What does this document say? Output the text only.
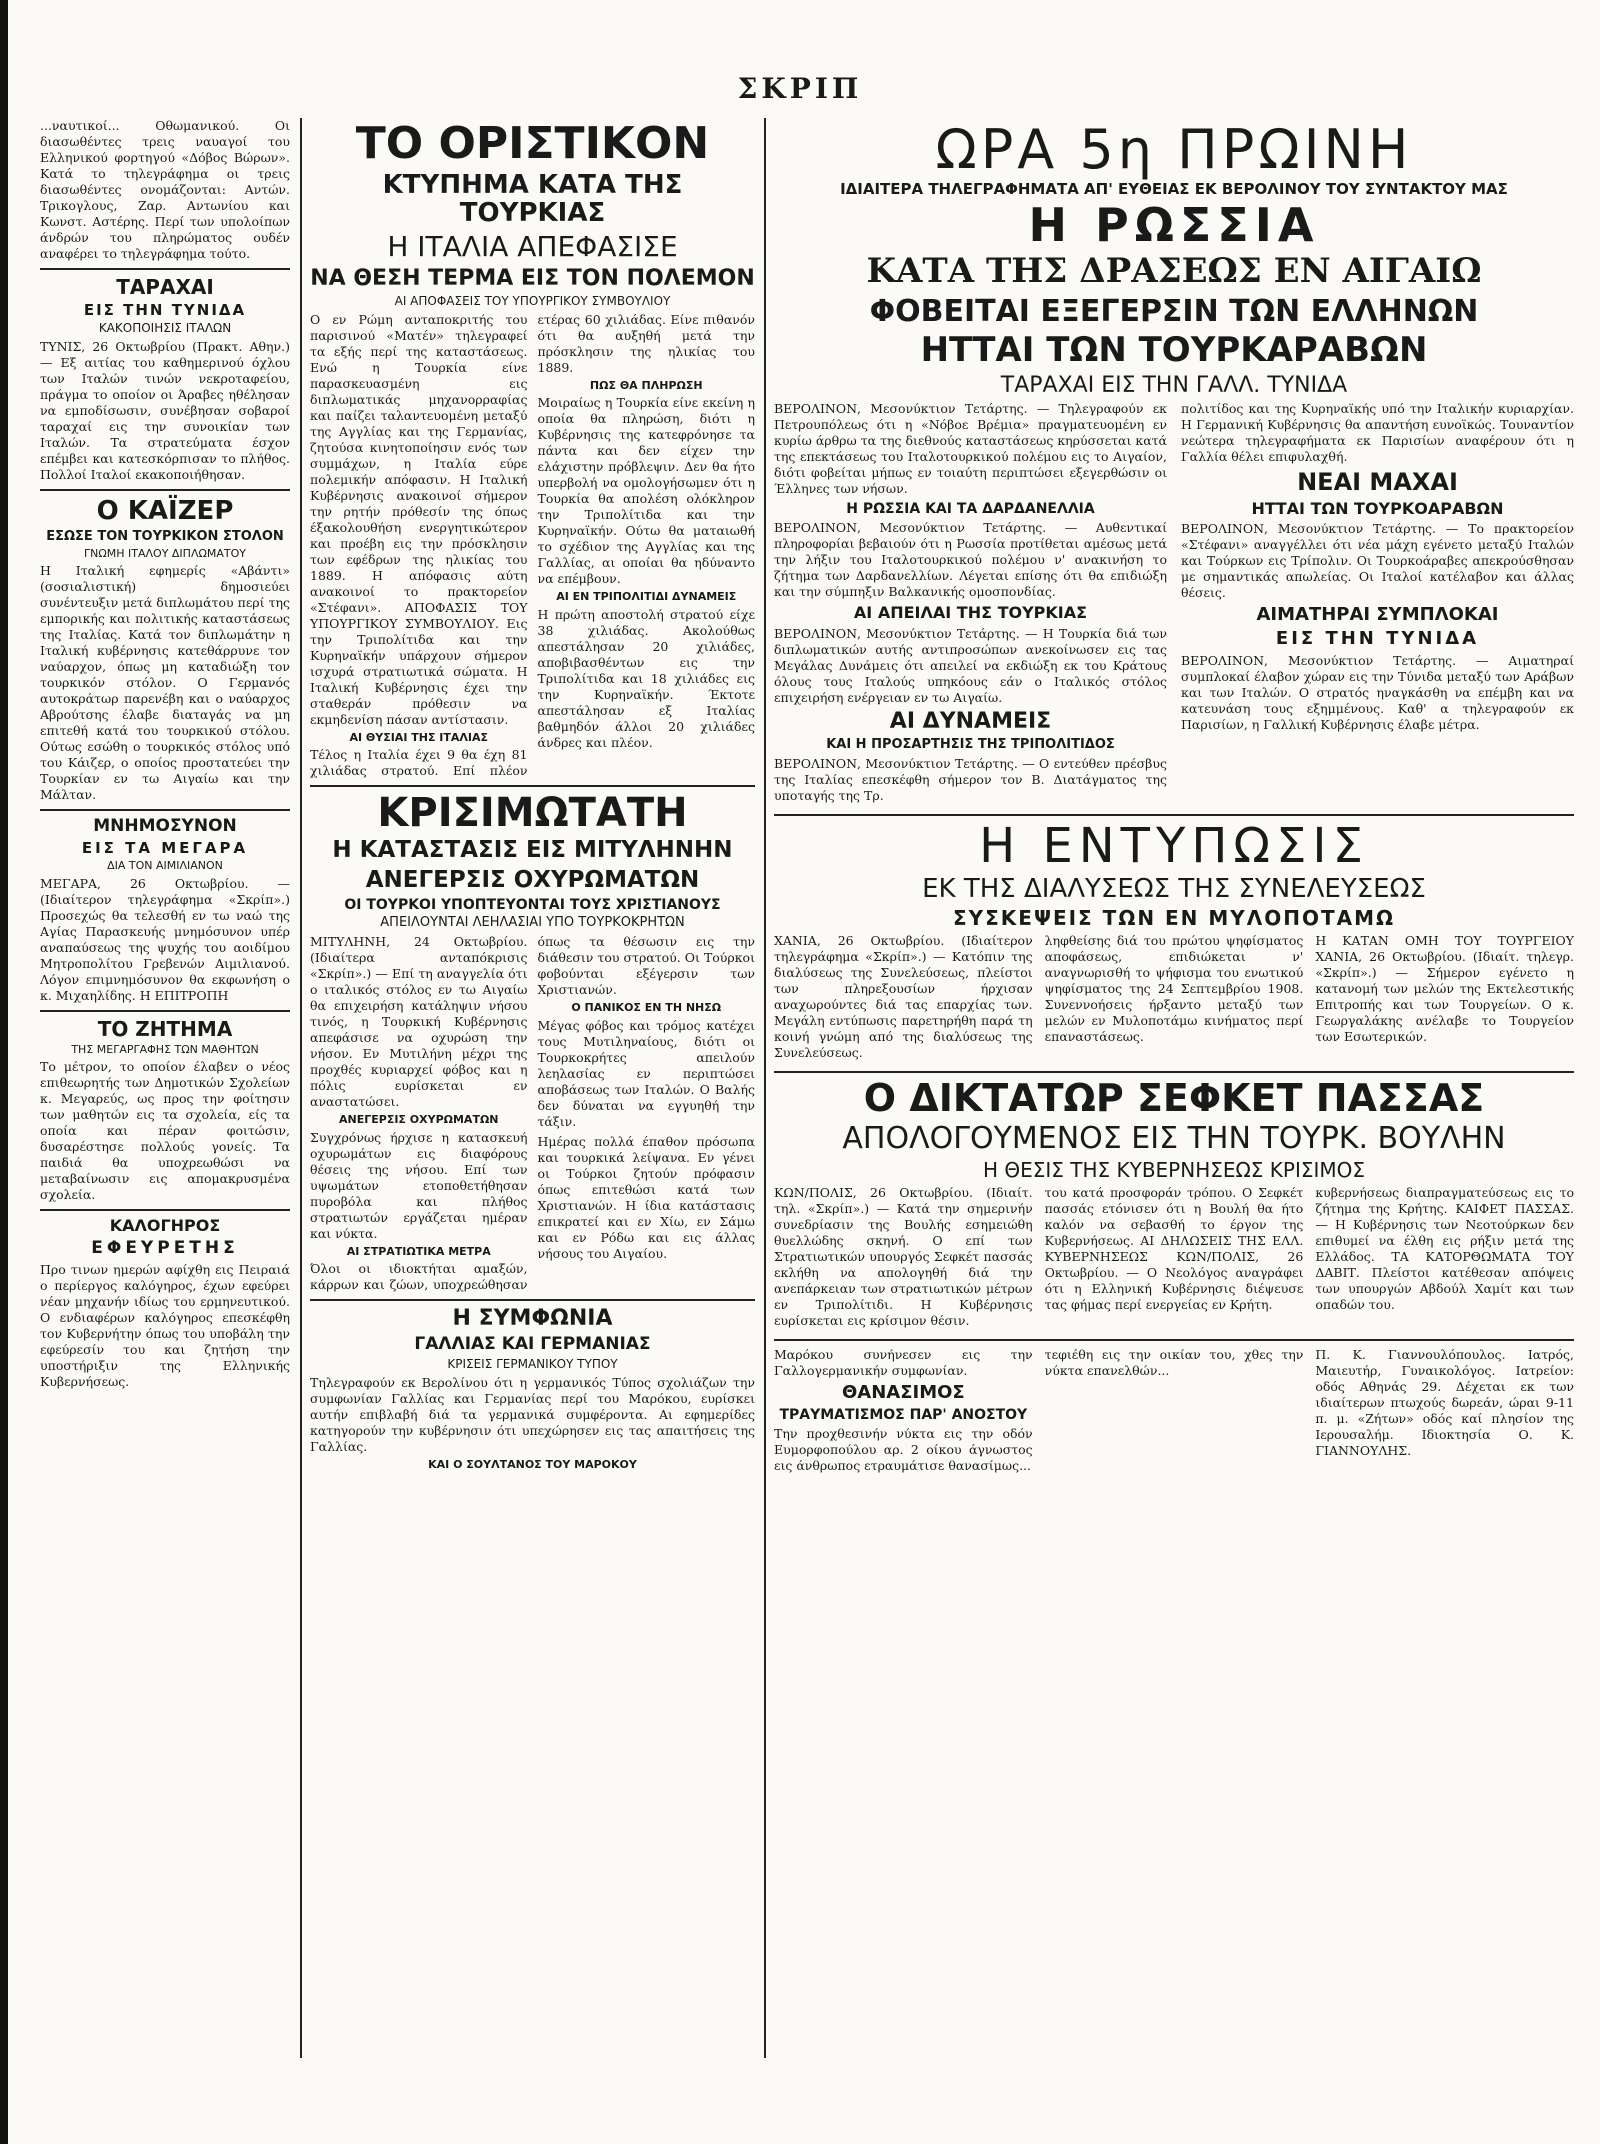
ΣΚΡΙΠ

...ναυτικοί... Οθωμανικού. Οι διασωθέντες τρεις ναυαγοί του Ελληνικού φορτηγού «Δόβος Βώρων». Κατά το τηλεγράφημα οι τρεις διασωθέντες ονομάζονται: Αντών. Τρικογλους, Ζαρ. Αντωνίου και Κωνστ. Αστέρης. Περί των υπολοίπων άνδρών του πληρώματος ουδέν αναφέρει το τηλεγράφημα τούτο.

ΤΑΡΑΧΑΙ
ΕΙΣ ΤΗΝ ΤΥΝΙΔΑ
ΚΑΚΟΠΟΙΗΣΙΣ ΙΤΑΛΩΝ

ΤΥΝΙΣ, 26 Οκτωβρίου (Πρακτ. Αθην.) — Εξ αιτίας του καθημερινού όχλου των Ιταλών τινών νεκροταφείου, πράγμα το οποίον οι Άραβες ηθέλησαν να εμποδίσωσιν, συνέβησαν σοβαροί ταραχαί εις την συνοικίαν των Ιταλών. Τα στρατεύματα έσχον επέμβει και κατεσκόρπισαν το πλήθος. Πολλοί Ιταλοί εκακοποιήθησαν.

Ο ΚΑΪΖΕΡ
ΕΣΩΣΕ ΤΟΝ ΤΟΥΡΚΙΚΟΝ ΣΤΟΛΟΝ
ΓΝΩΜΗ ΙΤΑΛΟΥ ΔΙΠΛΩΜΑΤΟΥ

Η Ιταλική εφημερίς «Αβάντι» (σοσιαλιστική) δημοσιεύει συνέντευξιν μετά διπλωμάτου περί της εμπορικής και πολιτικής καταστάσεως της Ιταλίας. Κατά τον διπλωμάτην η Ιταλική κυβέρνησις κατεθάρρυνε τον ναύαρχον, όπως μη καταδιώξη τον τουρκικόν στόλον. Ο Γερμανός αυτοκράτωρ παρενέβη και ο ναύαρχος Αβρούτσης έλαβε διαταγάς να μη επιτεθή κατά του τουρκικού στόλου. Ούτως εσώθη ο τουρκικός στόλος υπό του Κάιζερ, ο οποίος προστατεύει την Τουρκίαν εν τω Αιγαίω και την Μάλταν.

ΜΝΗΜΟΣΥΝΟΝ
ΕΙΣ ΤΑ ΜΕΓΑΡΑ
ΔΙΑ ΤΟΝ ΑΙΜΙΛΙΑΝΟΝ

ΜΕΓΑΡΑ, 26 Οκτωβρίου. — (Ιδιαίτερον τηλεγράφημα «Σκρίπ».) Προσεχώς θα τελεσθή εν τω ναώ της Αγίας Παρασκευής μνημόσυνον υπέρ αναπαύσεως της ψυχής του αοιδίμου Μητροπολίτου Γρεβενών Αιμιλιανού. Λόγον επιμνημόσυνον θα εκφωνήση ο κ. Μιχαηλίδης. Η ΕΠΙΤΡΟΠΗ

ΤΟ ΖΗΤΗΜΑ
ΤΗΣ ΜΕΓΑΡΓΑΦΗΣ ΤΩΝ ΜΑΘΗΤΩΝ

Το μέτρον, το οποίον έλαβεν ο νέος επιθεωρητής των Δημοτικών Σχολείων κ. Μεγαρεύς, ως προς την φοίτησιν των μαθητών εις τα σχολεία, είς τα οποία και πέραν φοιτώσιν, δυσαρέστησε πολλούς γονείς. Τα παιδιά θα υποχρεωθώσι να μεταβαίνωσιν εις απομακρυσμένα σχολεία.

ΚΑΛΟΓΗΡΟΣ
ΕΦΕΥΡΕΤΗΣ

Προ τινων ημερών αφίχθη εις Πειραιά ο περίεργος καλόγηρος, έχων εφεύρει νέαν μηχανήν ιδίως του ερμηνευτικού. Ο ενδιαφέρων καλόγηρος επεσκέφθη τον Κυβερνήτην όπως του υποβάλη την εφεύρεσίν του και ζητήση την υποστήριξιν της Ελληνικής Κυβερνήσεως.

ΤΟ ΟΡΙΣΤΙΚΟΝ
ΚΤΥΠΗΜΑ ΚΑΤΑ ΤΗΣ ΤΟΥΡΚΙΑΣ
Η ΙΤΑΛΙΑ ΑΠΕΦΑΣΙΣΕ
ΝΑ ΘΕΣΗ ΤΕΡΜΑ ΕΙΣ ΤΟΝ ΠΟΛΕΜΟΝ
ΑΙ ΑΠΟΦΑΣΕΙΣ ΤΟΥ ΥΠΟΥΡΓΙΚΟΥ ΣΥΜΒΟΥΛΙΟΥ

Ο εν Ρώμη ανταποκριτής του παρισινού «Ματέν» τηλεγραφεί τα εξής περί της καταστάσεως. Ενώ η Τουρκία είνε παρασκευασμένη εις διπλωματικάς μηχανορραφίας και παίζει ταλαντευομένη μεταξύ της Αγγλίας και της Γερμανίας, ζητούσα κινητοποίησιν ενός των συμμάχων, η Ιταλία εύρε πολεμικήν απόφασιν. Η Ιταλική Κυβέρνησις ανακοινοί σήμερον την ρητήν πρόθεσίν της όπως έξακολουθήση ενεργητικώτερον και προέβη εις την πρόσκλησιν των εφέδρων της ηλικίας του 1889. Η απόφασις αύτη ανακοινοί το πρακτορείον «Στέφανι». ΑΠΟΦΑΣΙΣ ΤΟΥ ΥΠΟΥΡΓΙΚΟΥ ΣΥΜΒΟΥΛΙΟΥ. Εις την Τριπολίτιδα και την Κυρηναϊκήν υπάρχουν σήμερον ισχυρά στρατιωτικά σώματα. Η Ιταλική Κυβέρνησις έχει την σταθεράν πρόθεσιν να εκμηδενίση πάσαν αντίστασιν.

ΑΙ ΘΥΣΙΑΙ ΤΗΣ ΙΤΑΛΙΑΣ

Τέλος η Ιταλία έχει 9 θα έχη 81 χιλιάδας στρατού. Επί πλέον ετέρας 60 χιλιάδας. Είνε πιθανόν ότι θα αυξηθή μετά την πρόσκλησιν της ηλικίας του 1889.

ΠΩΣ ΘΑ ΠΛΗΡΩΣΗ

Μοιραίως η Τουρκία είνε εκείνη η οποία θα πληρώση, διότι η Κυβέρνησις της κατεφρόνησε τα πάντα και δεν είχεν την ελάχιστην πρόβλεψιν. Δεν θα ήτο υπερβολή να ομολογήσωμεν ότι η Τουρκία θα απολέση ολόκληρον την Τριπολίτιδα και την Κυρηναϊκήν. Ούτω θα ματαιωθή το σχέδιον της Αγγλίας και της Γαλλίας, αι οποίαι θα ηδύναντο να επέμβουν.

ΑΙ ΕΝ ΤΡΙΠΟΛΙΤΙΔΙ ΔΥΝΑΜΕΙΣ

Η πρώτη αποστολή στρατού είχε 38 χιλιάδας. Ακολούθως απεστάλησαν 20 χιλιάδες, αποβιβασθέντων εις την Τριπολίτιδα και 18 χιλιάδες εις την Κυρηναϊκήν. Έκτοτε απεστάλησαν εξ Ιταλίας βαθμηδόν άλλοι 20 χιλιάδες άνδρες και πλέον.

ΚΡΙΣΙΜΩΤΑΤΗ
Η ΚΑΤΑΣΤΑΣΙΣ ΕΙΣ ΜΙΤΥΛΗΝΗΝ
ΑΝΕΓΕΡΣΙΣ ΟΧΥΡΩΜΑΤΩΝ
ΟΙ ΤΟΥΡΚΟΙ ΥΠΟΠΤΕΥΟΝΤΑΙ ΤΟΥΣ ΧΡΙΣΤΙΑΝΟΥΣ
ΑΠΕΙΛΟΥΝΤΑΙ ΛΕΗΛΑΣΙΑΙ ΥΠΟ ΤΟΥΡΚΟΚΡΗΤΩΝ

ΜΙΤΥΛΗΝΗ, 24 Οκτωβρίου. (Ιδιαίτερα ανταπόκρισις «Σκρίπ».) — Επί τη αναγγελία ότι ο ιταλικός στόλος εν τω Αιγαίω θα επιχειρήση κατάληψιν νήσου τινός, η Τουρκική Κυβέρνησις απεφάσισε να οχυρώση την νήσον. Εν Μυτιλήνη μέχρι της προχθές κυριαρχεί φόβος και η πόλις ευρίσκεται εν αναστατώσει.

ΑΝΕΓΕΡΣΙΣ ΟΧΥΡΩΜΑΤΩΝ

Συγχρόνως ήρχισε η κατασκευή οχυρωμάτων εις διαφόρους θέσεις της νήσου. Επί των υψωμάτων ετοποθετήθησαν πυροβόλα και πλήθος στρατιωτών εργάζεται ημέραν και νύκτα.

ΑΙ ΣΤΡΑΤΙΩΤΙΚΑ ΜΕΤΡΑ

Όλοι οι ιδιοκτήται αμαξών, κάρρων και ζώων, υποχρεώθησαν όπως τα θέσωσιν εις την διάθεσιν του στρατού. Οι Τούρκοι φοβούνται εξέγερσιν των Χριστιανών.

Ο ΠΑΝΙΚΟΣ ΕΝ ΤΗ ΝΗΣΩ

Μέγας φόβος και τρόμος κατέχει τους Μυτιληναίους, διότι οι Τουρκοκρήτες απειλούν λεηλασίας εν περιπτώσει αποβάσεως των Ιταλών. Ο Βαλής δεν δύναται να εγγυηθή την τάξιν.

Ημέρας πολλά έπαθον πρόσωπα και τουρκικά λείψανα. Εν γένει οι Τούρκοι ζητούν πρόφασιν όπως επιτεθώσι κατά των Χριστιανών. Η ίδια κατάστασις επικρατεί και εν Χίω, εν Σάμω και εν Ρόδω και εις άλλας νήσους του Αιγαίου.

Η ΣΥΜΦΩΝΙΑ
ΓΑΛΛΙΑΣ ΚΑΙ ΓΕΡΜΑΝΙΑΣ
ΚΡΙΣΕΙΣ ΓΕΡΜΑΝΙΚΟΥ ΤΥΠΟΥ

Τηλεγραφούν εκ Βερολίνου ότι η γερμανικός Τύπος σχολιάζων την συμφωνίαν Γαλλίας και Γερμανίας περί του Μαρόκου, ευρίσκει αυτήν επιβλαβή διά τα γερμανικά συμφέροντα. Αι εφημερίδες κατηγορούν την κυβέρνησιν ότι υπεχώρησεν εις τας απαιτήσεις της Γαλλίας.

ΚΑΙ Ο ΣΟΥΛΤΑΝΟΣ ΤΟΥ ΜΑΡΟΚΟΥ
ΩΡΑ 5η ΠΡΩΙΝΗ
ΙΔΙΑΙΤΕΡΑ ΤΗΛΕΓΡΑΦΗΜΑΤΑ ΑΠ' ΕΥΘΕΙΑΣ ΕΚ ΒΕΡΟΛΙΝΟΥ ΤΟΥ ΣΥΝΤΑΚΤΟΥ ΜΑΣ
Η ΡΩΣΣΙΑ
ΚΑΤΑ ΤΗΣ ΔΡΑΣΕΩΣ ΕΝ ΑΙΓΑΙΩ
ΦΟΒΕΙΤΑΙ ΕΞΕΓΕΡΣΙΝ ΤΩΝ ΕΛΛΗΝΩΝ
ΗΤΤΑΙ ΤΩΝ ΤΟΥΡΚΑΡΑΒΩΝ
ΤΑΡΑΧΑΙ ΕΙΣ ΤΗΝ ΓΑΛΛ. ΤΥΝΙΔΑ

ΒΕΡΟΛΙΝΟΝ, Μεσονύκτιον Τετάρτης. — Τηλεγραφούν εκ Πετρουπόλεως ότι η «Νόβοε Βρέμια» πραγματευομένη εν κυρίω άρθρω τα της διεθνούς καταστάσεως κηρύσσεται κατά της επεκτάσεως του Ιταλοτουρκικού πολέμου εις το Αιγαίον, διότι φοβείται μήπως εν τοιαύτη περιπτώσει εξεγερθώσιν οι Έλληνες των νήσων.

Η ΡΩΣΣΙΑ ΚΑΙ ΤΑ ΔΑΡΔΑΝΕΛΛΙΑ

ΒΕΡΟΛΙΝΟΝ, Μεσονύκτιον Τετάρτης. — Αυθεντικαί πληροφορίαι βεβαιούν ότι η Ρωσσία προτίθεται αμέσως μετά την λήξιν του Ιταλοτουρκικού πολέμου ν' ανακινήση το ζήτημα των Δαρδανελλίων. Λέγεται επίσης ότι θα επιδιώξη και την σύμπηξιν Βαλκανικής ομοσπονδίας.

ΑΙ ΑΠΕΙΛΑΙ ΤΗΣ ΤΟΥΡΚΙΑΣ

ΒΕΡΟΛΙΝΟΝ, Μεσονύκτιον Τετάρτης. — Η Τουρκία διά των διπλωματικών αυτής αντιπροσώπων ανεκοίνωσεν εις τας Μεγάλας Δυνάμεις ότι απειλεί να εκδιώξη εκ του Κράτους όλους τους Ιταλούς υπηκόους εάν ο Ιταλικός στόλος επιχειρήση ενέργειαν εν τω Αιγαίω.

ΑΙ ΔΥΝΑΜΕΙΣ
ΚΑΙ Η ΠΡΟΣΑΡΤΗΣΙΣ ΤΗΣ ΤΡΙΠΟΛΙΤΙΔΟΣ

ΒΕΡΟΛΙΝΟΝ, Μεσονύκτιον Τετάρτης. — Ο εντεύθεν πρέσβυς της Ιταλίας επεσκέφθη σήμερον τον Β. Διατάγματος της υποταγής της Τρ.

πολιτίδος και της Κυρηναϊκής υπό την Ιταλικήν κυριαρχίαν. Η Γερμανική Κυβέρνησις θα απαντήση ευνοϊκώς. Τουναντίον νεώτερα τηλεγραφήματα εκ Παρισίων αναφέρουν ότι η Γαλλία θέλει επιφυλαχθή.

ΝΕΑΙ ΜΑΧΑΙ
ΗΤΤΑΙ ΤΩΝ ΤΟΥΡΚΟΑΡΑΒΩΝ

ΒΕΡΟΛΙΝΟΝ, Μεσονύκτιον Τετάρτης. — Το πρακτορείον «Στέφανι» αναγγέλλει ότι νέα μάχη εγένετο μεταξύ Ιταλών και Τούρκων εις Τρίπολιν. Οι Τουρκοάραβες απεκρούσθησαν με σημαντικάς απωλείας. Οι Ιταλοί κατέλαβον και άλλας θέσεις.

ΑΙΜΑΤΗΡΑΙ ΣΥΜΠΛΟΚΑΙ
ΕΙΣ ΤΗΝ ΤΥΝΙΔΑ

ΒΕΡΟΛΙΝΟΝ, Μεσονύκτιον Τετάρτης. — Αιματηραί συμπλοκαί έλαβον χώραν εις την Τύνιδα μεταξύ των Αράβων και των Ιταλών. Ο στρατός ηναγκάσθη να επέμβη και να κατευνάση τους εξημμένους. Καθ' α τηλεγραφούν εκ Παρισίων, η Γαλλική Κυβέρνησις έλαβε μέτρα.

Η ΕΝΤΥΠΩΣΙΣ
ΕΚ ΤΗΣ ΔΙΑΛΥΣΕΩΣ ΤΗΣ ΣΥΝΕΛΕΥΣΕΩΣ
ΣΥΣΚΕΨΕΙΣ ΤΩΝ ΕΝ ΜΥΛΟΠΟΤΑΜΩ

ΧΑΝΙΑ, 26 Οκτωβρίου. (Ιδιαίτερον τηλεγράφημα «Σκρίπ».) — Κατόπιν της διαλύσεως της Συνελεύσεως, πλείστοι των πληρεξουσίων ήρχισαν αναχωρούντες διά τας επαρχίας των. Μεγάλη εντύπωσις παρετηρήθη παρά τη κοινή γνώμη από της διαλύσεως της Συνελεύσεως.

ληφθείσης διά του πρώτου ψηφίσματος αποφάσεως, επιδιώκεται ν' αναγνωρισθή το ψήφισμα του ενωτικού ψηφίσματος της 24 Σεπτεμβρίου 1908. Συνεννοήσεις ήρξαντο μεταξύ των μελών εν Μυλοποτάμω κινήματος περί επαναστάσεως.

Η ΚΑΤΑΝ ΟΜΗ ΤΟΥ ΤΟΥΡΓΕΙΟΥ ΧΑΝΙΑ, 26 Οκτωβρίου. (Ιδιαίτ. τηλεγρ. «Σκρίπ».) — Σήμερον εγένετο η κατανομή των μελών της Εκτελεστικής Επιτροπής και των Τουργείων. Ο κ. Γεωργαλάκης ανέλαβε το Τουργείον των Εσωτερικών.

Ο ΔΙΚΤΑΤΩΡ ΣΕΦΚΕΤ ΠΑΣΣΑΣ
ΑΠΟΛΟΓΟΥΜΕΝΟΣ ΕΙΣ ΤΗΝ ΤΟΥΡΚ. ΒΟΥΛΗΝ
Η ΘΕΣΙΣ ΤΗΣ ΚΥΒΕΡΝΗΣΕΩΣ ΚΡΙΣΙΜΟΣ

ΚΩΝ/ΠΟΛΙΣ, 26 Οκτωβρίου. (Ιδιαίτ. τηλ. «Σκρίπ».) — Κατά την σημερινήν συνεδρίασιν της Βουλής εσημειώθη θυελλώδης σκηνή. Ο επί των Στρατιωτικών υπουργός Σεφκέτ πασσάς εκλήθη να απολογηθή διά την ανεπάρκειαν των στρατιωτικών μέτρων εν Τριπολίτιδι. Η Κυβέρνησις ευρίσκεται εις κρίσιμον θέσιν.

του κατά προσφοράν τρόπου. Ο Σεφκέτ πασσάς ετόνισεν ότι η Βουλή θα ήτο καλόν να σεβασθή το έργον της Κυβερνήσεως. ΑΙ ΔΗΛΩΣΕΙΣ ΤΗΣ ΕΛΛ. ΚΥΒΕΡΝΗΣΕΩΣ ΚΩΝ/ΠΟΛΙΣ, 26 Οκτωβρίου. — Ο Νεολόγος αναγράφει ότι η Ελληνική Κυβέρνησις διέψευσε τας φήμας περί ενεργείας εν Κρήτη.

κυβερνήσεως διαπραγματεύσεως εις το ζήτημα της Κρήτης. ΚΑΙΦΕΤ ΠΑΣΣΑΣ. — Η Κυβέρνησις των Νεοτούρκων δεν επιθυμεί να έλθη εις ρήξιν μετά της Ελλάδος. ΤΑ ΚΑΤΟΡΘΩΜΑΤΑ ΤΟΥ ΔΑΒΙΤ. Πλείστοι κατέθεσαν απόψεις των υπουργών Αβδούλ Χαμίτ και των οπαδών του.

Μαρόκου συνήνεσεν εις την Γαλλογερμανικήν συμφωνίαν.

ΘΑΝΑΣΙΜΟΣ
ΤΡΑΥΜΑΤΙΣΜΟΣ ΠΑΡ' ΑΝΟΣΤΟΥ

Την προχθεσινήν νύκτα εις την οδόν Ευμορφοπούλου αρ. 2 οίκου άγνωστος εις άνθρωπος ετραυμάτισε θανασίμως...

τεφιέθη εις την οικίαν του, χθες την νύκτα επανελθών...

Π. Κ. Γιαννουλόπουλος. Ιατρός, Μαιευτήρ, Γυναικολόγος. Ιατρείον: οδός Αθηνάς 29. Δέχεται εκ των ιδιαίτερων πτωχούς δωρεάν, ώραι 9-11 π. μ. «Ζήτων» οδός καί πλησίον της Ιερουσαλήμ. Ιδιοκτησία Ο. Κ. ΓΙΑΝΝΟΥΛΗΣ.
